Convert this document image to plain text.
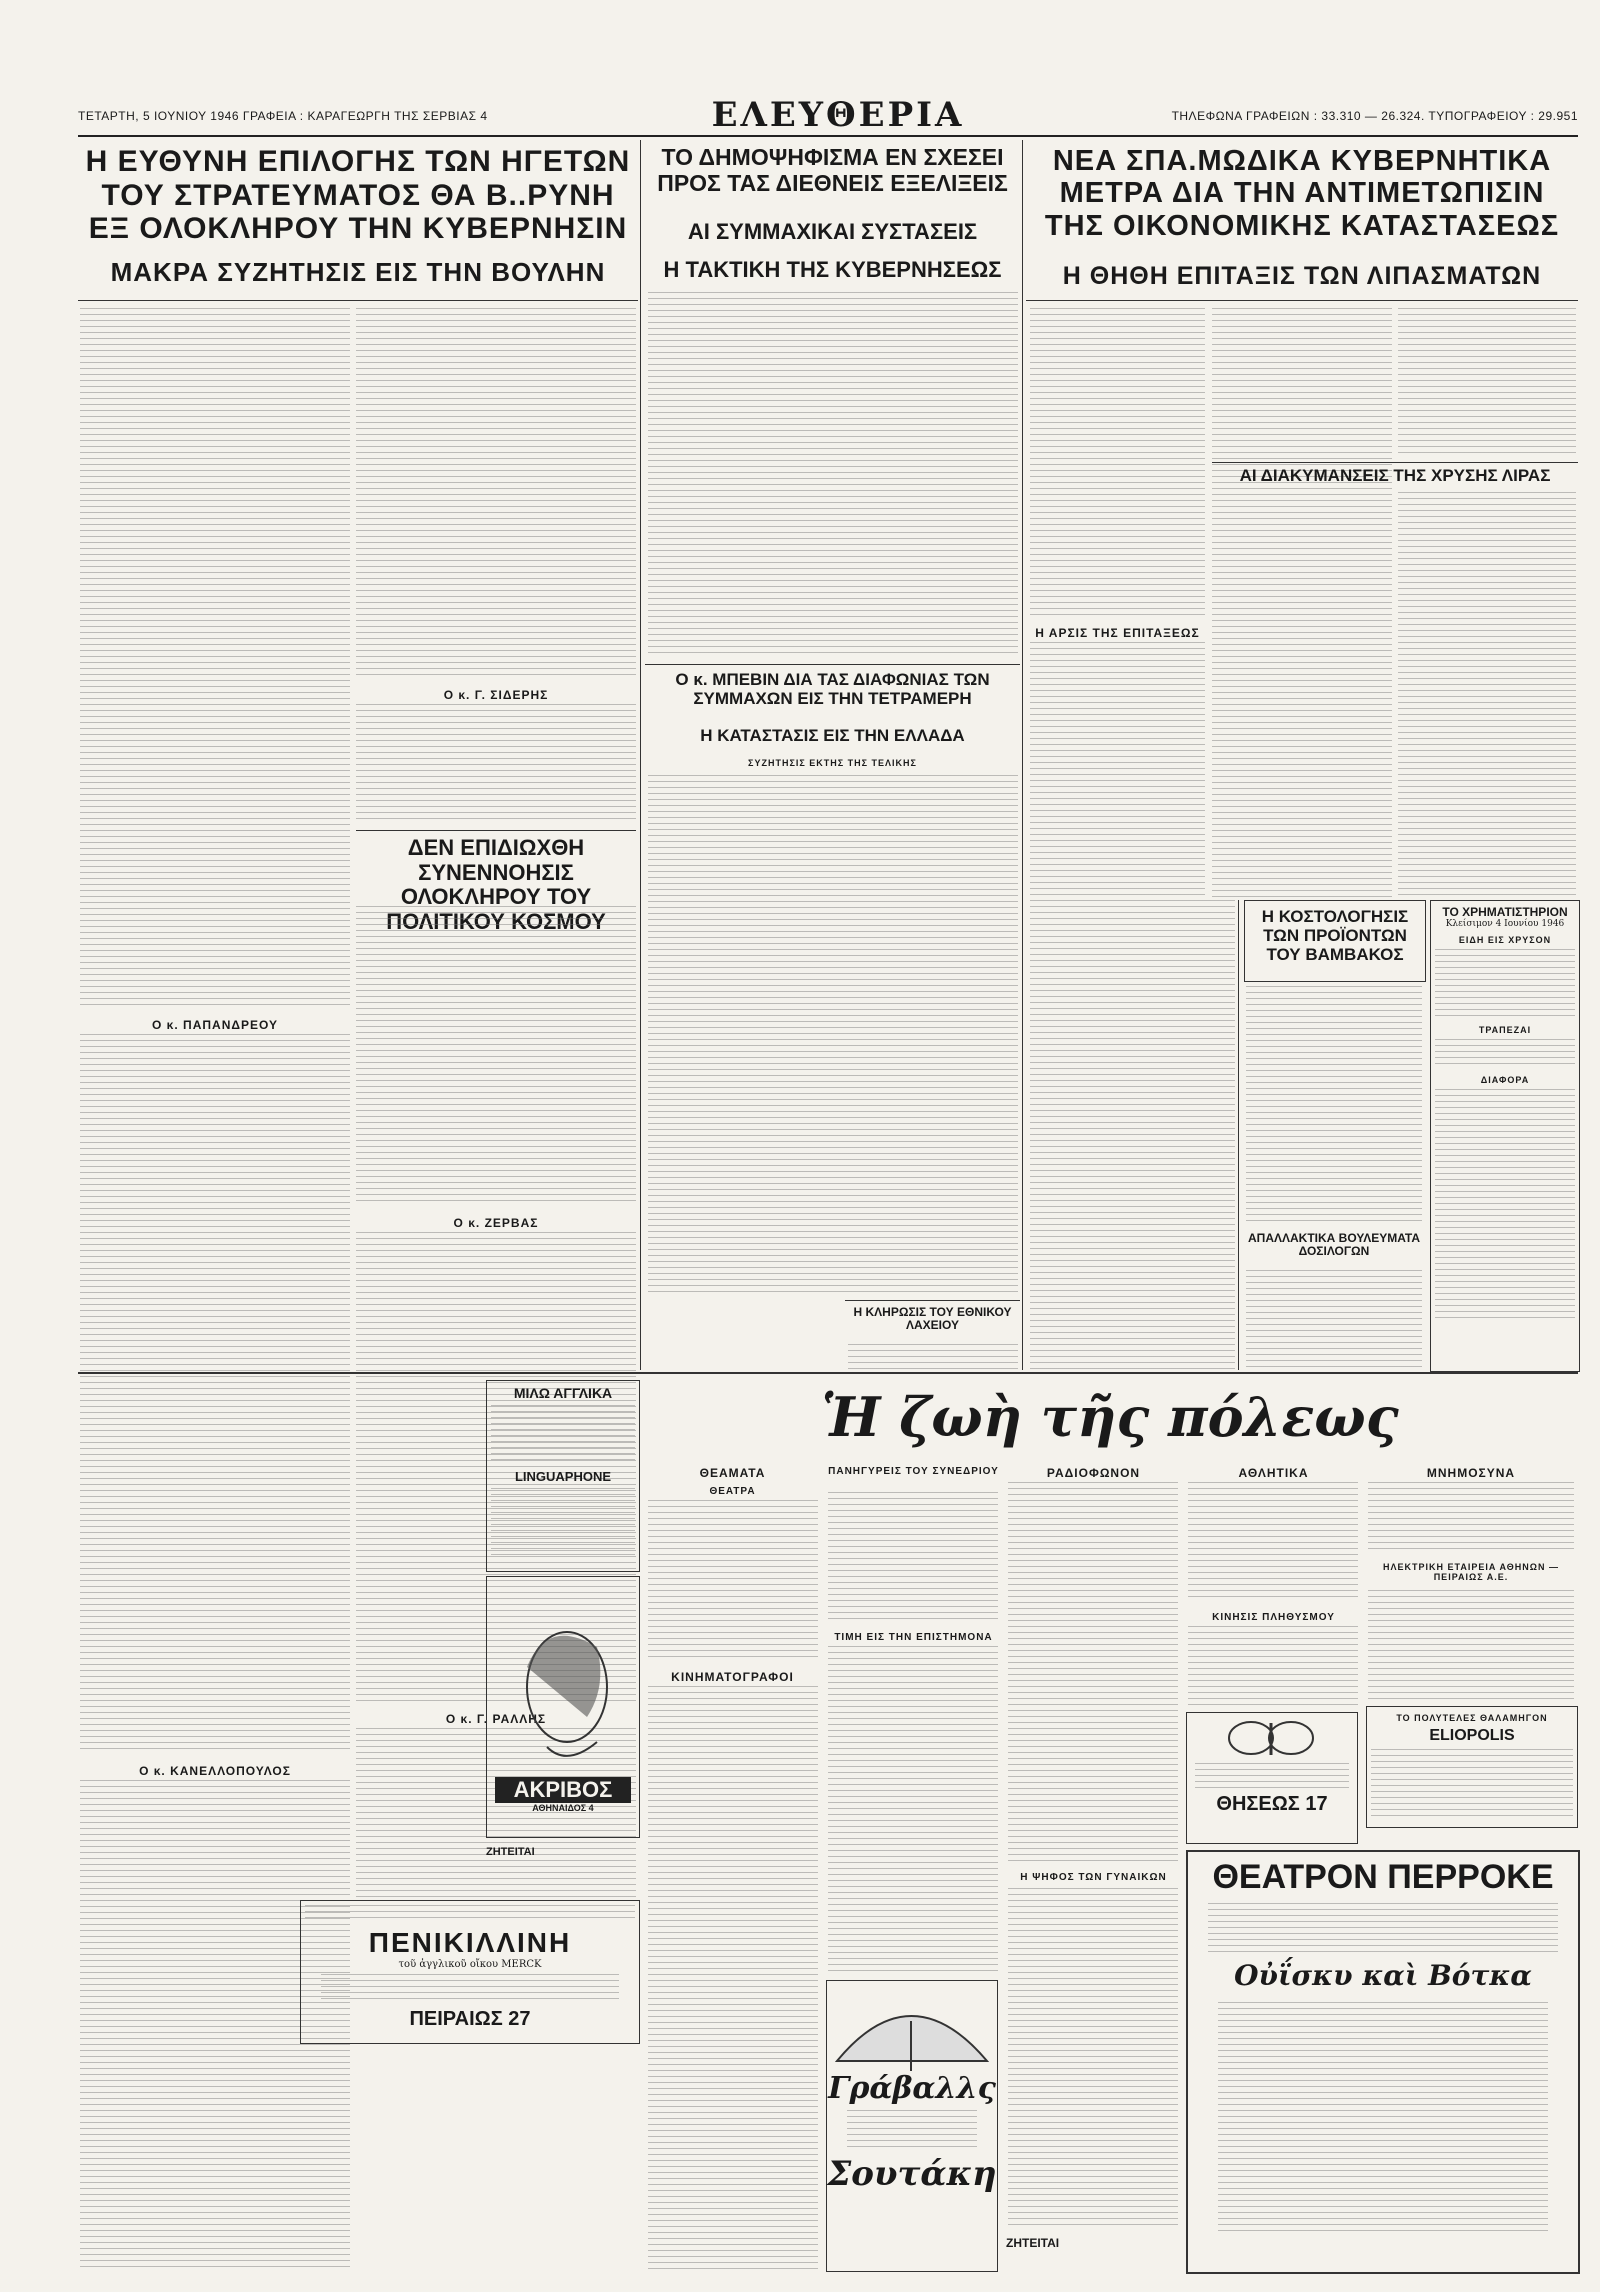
ΤΕΤΑΡΤΗ, 5 ΙΟΥΝΙΟΥ 1946 ΓΡΑΦΕΙΑ : ΚΑΡΑΓΕΩΡΓΗ ΤΗΣ ΣΕΡΒΙΑΣ 4	ΕΛΕΥΘΕΡΙΑ	ΤΗΛΕΦΩΝΑ ΓΡΑΦΕΙΩΝ : 33.310 — 26.324. ΤΥΠΟΓΡΑΦΕΙΟΥ : 29.951
Η ΕΥΘΥΝΗ ΕΠΙΛΟΓΗΣ ΤΩΝ ΗΓΕΤΩΝ ΤΟΥ ΣΤΡΑΤΕΥΜΑΤΟΣ ΘΑ Β..ΡΥΝΗ ΕΞ ΟΛΟΚΛΗΡΟΥ ΤΗΝ ΚΥΒΕΡΝΗΣΙΝ
ΜΑΚΡΑ ΣΥΖΗΤΗΣΙΣ ΕΙΣ ΤΗΝ ΒΟΥΛΗΝ
Ο κ. ΠΑΠΑΝΔΡΕΟΥ
Ο κ. ΚΑΝΕΛΛΟΠΟΥΛΟΣ
Ο κ. Γ. ΣΙΔΕΡΗΣ
ΔΕΝ ΕΠΙΔΙΩΧΘΗ ΣΥΝΕΝΝΟΗΣΙΣ ΟΛΟΚΛΗΡΟΥ ΤΟΥ ΠΟΛΙΤΙΚΟΥ ΚΟΣΜΟΥ
Ο κ. ΖΕΡΒΑΣ
Ο κ. Γ. ΡΑΛΛΗΣ
ΤΟ ΔΗΜΟΨΗΦΙΣΜΑ ΕΝ ΣΧΕΣΕΙ ΠΡΟΣ ΤΑΣ ΔΙΕΘΝΕΙΣ ΕΞΕΛΙΞΕΙΣ
ΑΙ ΣΥΜΜΑΧΙΚΑΙ ΣΥΣΤΑΣΕΙΣ
Η ΤΑΚΤΙΚΗ ΤΗΣ ΚΥΒΕΡΝΗΣΕΩΣ
Ο κ. ΜΠΕΒΙΝ ΔΙΑ ΤΑΣ ΔΙΑΦΩΝΙΑΣ ΤΩΝ ΣΥΜΜΑΧΩΝ ΕΙΣ ΤΗΝ ΤΕΤΡΑΜΕΡΗ
Η ΚΑΤΑΣΤΑΣΙΣ ΕΙΣ ΤΗΝ ΕΛΛΑΔΑ
ΣΥΖΗΤΗΣΙΣ ΕΚΤΗΣ ΤΗΣ ΤΕΛΙΚΗΣ
Η ΚΛΗΡΩΣΙΣ ΤΟΥ ΕΘΝΙΚΟΥ ΛΑΧΕΙΟΥ
ΝΕΑ ΣΠΑ.ΜΩΔΙΚΑ ΚΥΒΕΡΝΗΤΙΚΑ ΜΕΤΡΑ ΔΙΑ ΤΗΝ ΑΝΤΙΜΕΤΩΠΙΣΙΝ ΤΗΣ ΟΙΚΟΝΟΜΙΚΗΣ ΚΑΤΑΣΤΑΣΕΩΣ
Η ΘΗΘΗ ΕΠΙΤΑΞΙΣ ΤΩΝ ΛΙΠΑΣΜΑΤΩΝ
Η ΑΡΣΙΣ ΤΗΣ ΕΠΙΤΑΞΕΩΣ
ΑΙ ΔΙΑΚΥΜΑΝΣΕΙΣ ΤΗΣ ΧΡΥΣΗΣ ΛΙΡΑΣ
Η ΚΟΣΤΟΛΟΓΗΣΙΣ ΤΩΝ ΠΡΟΪΟΝΤΩΝ ΤΟΥ ΒΑΜΒΑΚΟΣ
ΑΠΑΛΛΑΚΤΙΚΑ ΒΟΥΛΕΥΜΑΤΑ ΔΟΣΙΛΟΓΩΝ
ΤΟ ΧΡΗΜΑΤΙΣΤΗΡΙΟΝ
Κλείσιμον 4 Ιουνίου 1946
ΕΙΔΗ ΕΙΣ ΧΡΥΣΟΝ
ΤΡΑΠΕΖΑΙ
ΔΙΑΦΟΡΑ
ΜΙΛΩ ΑΓΓΛΙΚΑ
LINGUAPHONE
ΑΚΡΙΒΟΣ
ΑΘΗΝΑΙΔΟΣ 4
ΖΗΤΕΙΤΑΙ
ΠΕΝΙΚΙΛΛΙΝΗ
τοῦ ἀγγλικοῦ οἴκου MERCK
ΠΕΙΡΑΙΩΣ 27
Ἡ ζωὴ τῆς πόλεως
ΘΕΑΜΑΤΑ
ΘΕΑΤΡΑ
ΚΙΝΗΜΑΤΟΓΡΑΦΟΙ
ΠΑΝΗΓΥΡΕΙΣ ΤΟΥ ΣΥΝΕΔΡΙΟΥ
ΤΙΜΗ ΕΙΣ ΤΗΝ ΕΠΙΣΤΗΜΟΝΑ
Γράβαλλς
Σουτάκη
ΡΑΔΙΟΦΩΝΟΝ
Η ΨΗΦΟΣ ΤΩΝ ΓΥΝΑΙΚΩΝ
ΖΗΤΕΙΤΑΙ
ΑΘΛΗΤΙΚΑ
ΚΙΝΗΣΙΣ ΠΛΗΘΥΣΜΟΥ
ΘΗΣΕΩΣ 17
ΜΝΗΜΟΣΥΝΑ
ΗΛΕΚΤΡΙΚΗ ΕΤΑΙΡΕΙΑ ΑΘΗΝΩΝ — ΠΕΙΡΑΙΩΣ Α.Ε.
ΤΟ ΠΟΛΥΤΕΛΕΣ ΘΑΛΑΜΗΓΟΝ
ELIOPOLIS
ΘΕΑΤΡΟΝ ΠΕΡΡΟΚΕ
Οὐΐσκυ καὶ Βότκα
